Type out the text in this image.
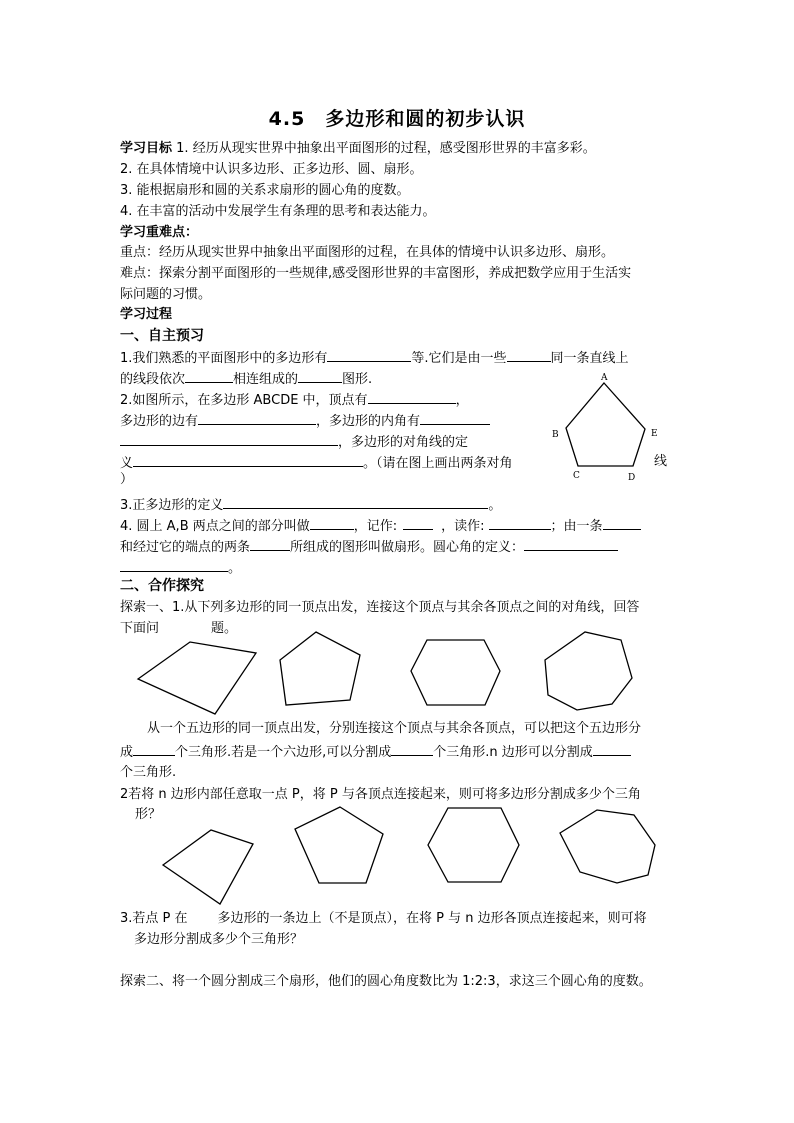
4.5　多边形和圆的初步认识
学习目标 1. 经历从现实世界中抽象出平面图形的过程，感受图形世界的丰富多彩。
2. 在具体情境中认识多边形、正多边形、圆、扇形。
3. 能根据扇形和圆的关系求扇形的圆心角的度数。
4. 在丰富的活动中发展学生有条理的思考和表达能力。
学习重难点：
重点：经历从现实世界中抽象出平面图形的过程，在具体的情境中认识多边形、扇形。
难点：探索分割平面图形的一些规律,感受图形世界的丰富图形，养成把数学应用于生活实
际问题的习惯。
学习过程
一、自主预习
1.我们熟悉的平面图形中的多边形有	等.它们是由一些	同一条直线上
的线段依次	相连组成的	图形.
2.如图所示，在多边形 ABCDE 中，顶点有	，
多边形的边有	，多边形的内角有
，多边形的对角线的定
义	。（请在图上画出两条对角	线
）
A
B
C	D
E
3.正多边形的定义	。
4. 圆上 A,B 两点之间的部分叫做	，记作:	，读作:	；由一条
和经过它的端点的两条	所组成的图形叫做扇形。圆心角的定义：
。
二、合作探究
探索一、1.从下列多边形的同一顶点出发，连接这个顶点与其余各顶点之间的对角线，回答
下面问	题。
从一个五边形的同一顶点出发，分别连接这个顶点与其余各顶点，可以把这个五边形分
成	个三角形.若是一个六边形,可以分割成	个三角形.n 边形可以分割成
个三角形.
2若将 n 边形内部任意取一点 P，将 P 与各顶点连接起来，则可将多边形分割成多少个三角
形？
3.若点 P 在 多边形的一条边上（不是顶点），在将 P 与 n 边形各顶点连接起来，则可将
多边形分割成多少个三角形？
探索二、将一个圆分割成三个扇形，他们的圆心角度数比为 1:2:3，求这三个圆心角的度数。
